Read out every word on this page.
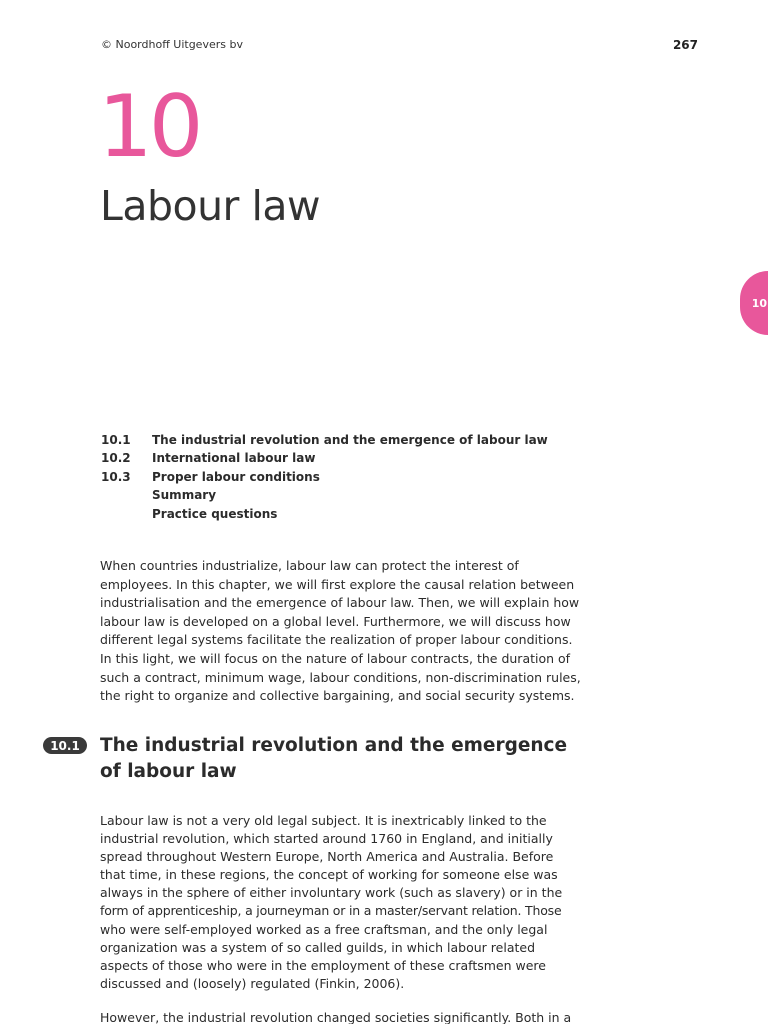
© Noordhoff Uitgevers bv	267
10
Labour law
10
10.1	The industrial revolution and the emergence of labour law
10.2	International labour law
10.3	Proper labour conditions
Summary
Practice questions
When countries industrialize, labour law can protect the interest of
employees. In this chapter, we will first explore the causal relation between
industrialisation and the emergence of labour law. Then, we will explain how
labour law is developed on a global level. Furthermore, we will discuss how
different legal systems facilitate the realization of proper labour conditions.
In this light, we will focus on the nature of labour contracts, the duration of
such a contract, minimum wage, labour conditions, non-discrimination rules,
the right to organize and collective bargaining, and social security systems.
10.1	The industrial revolution and the emergence
of labour law

Labour law is not a very old legal subject. It is inextricably linked to the
industrial revolution, which started around 1760 in England, and initially
spread throughout Western Europe, North America and Australia. Before
that time, in these regions, the concept of working for someone else was
always in the sphere of either involuntary work (such as slavery) or in the
form of apprenticeship, a journeyman or in a master/servant relation. Those
who were self-employed worked as a free craftsman, and the only legal
organization was a system of so called guilds, in which labour related
aspects of those who were in the employment of these craftsmen were
discussed and (loosely) regulated (Finkin, 2006).

However, the industrial revolution changed societies significantly. Both in a
